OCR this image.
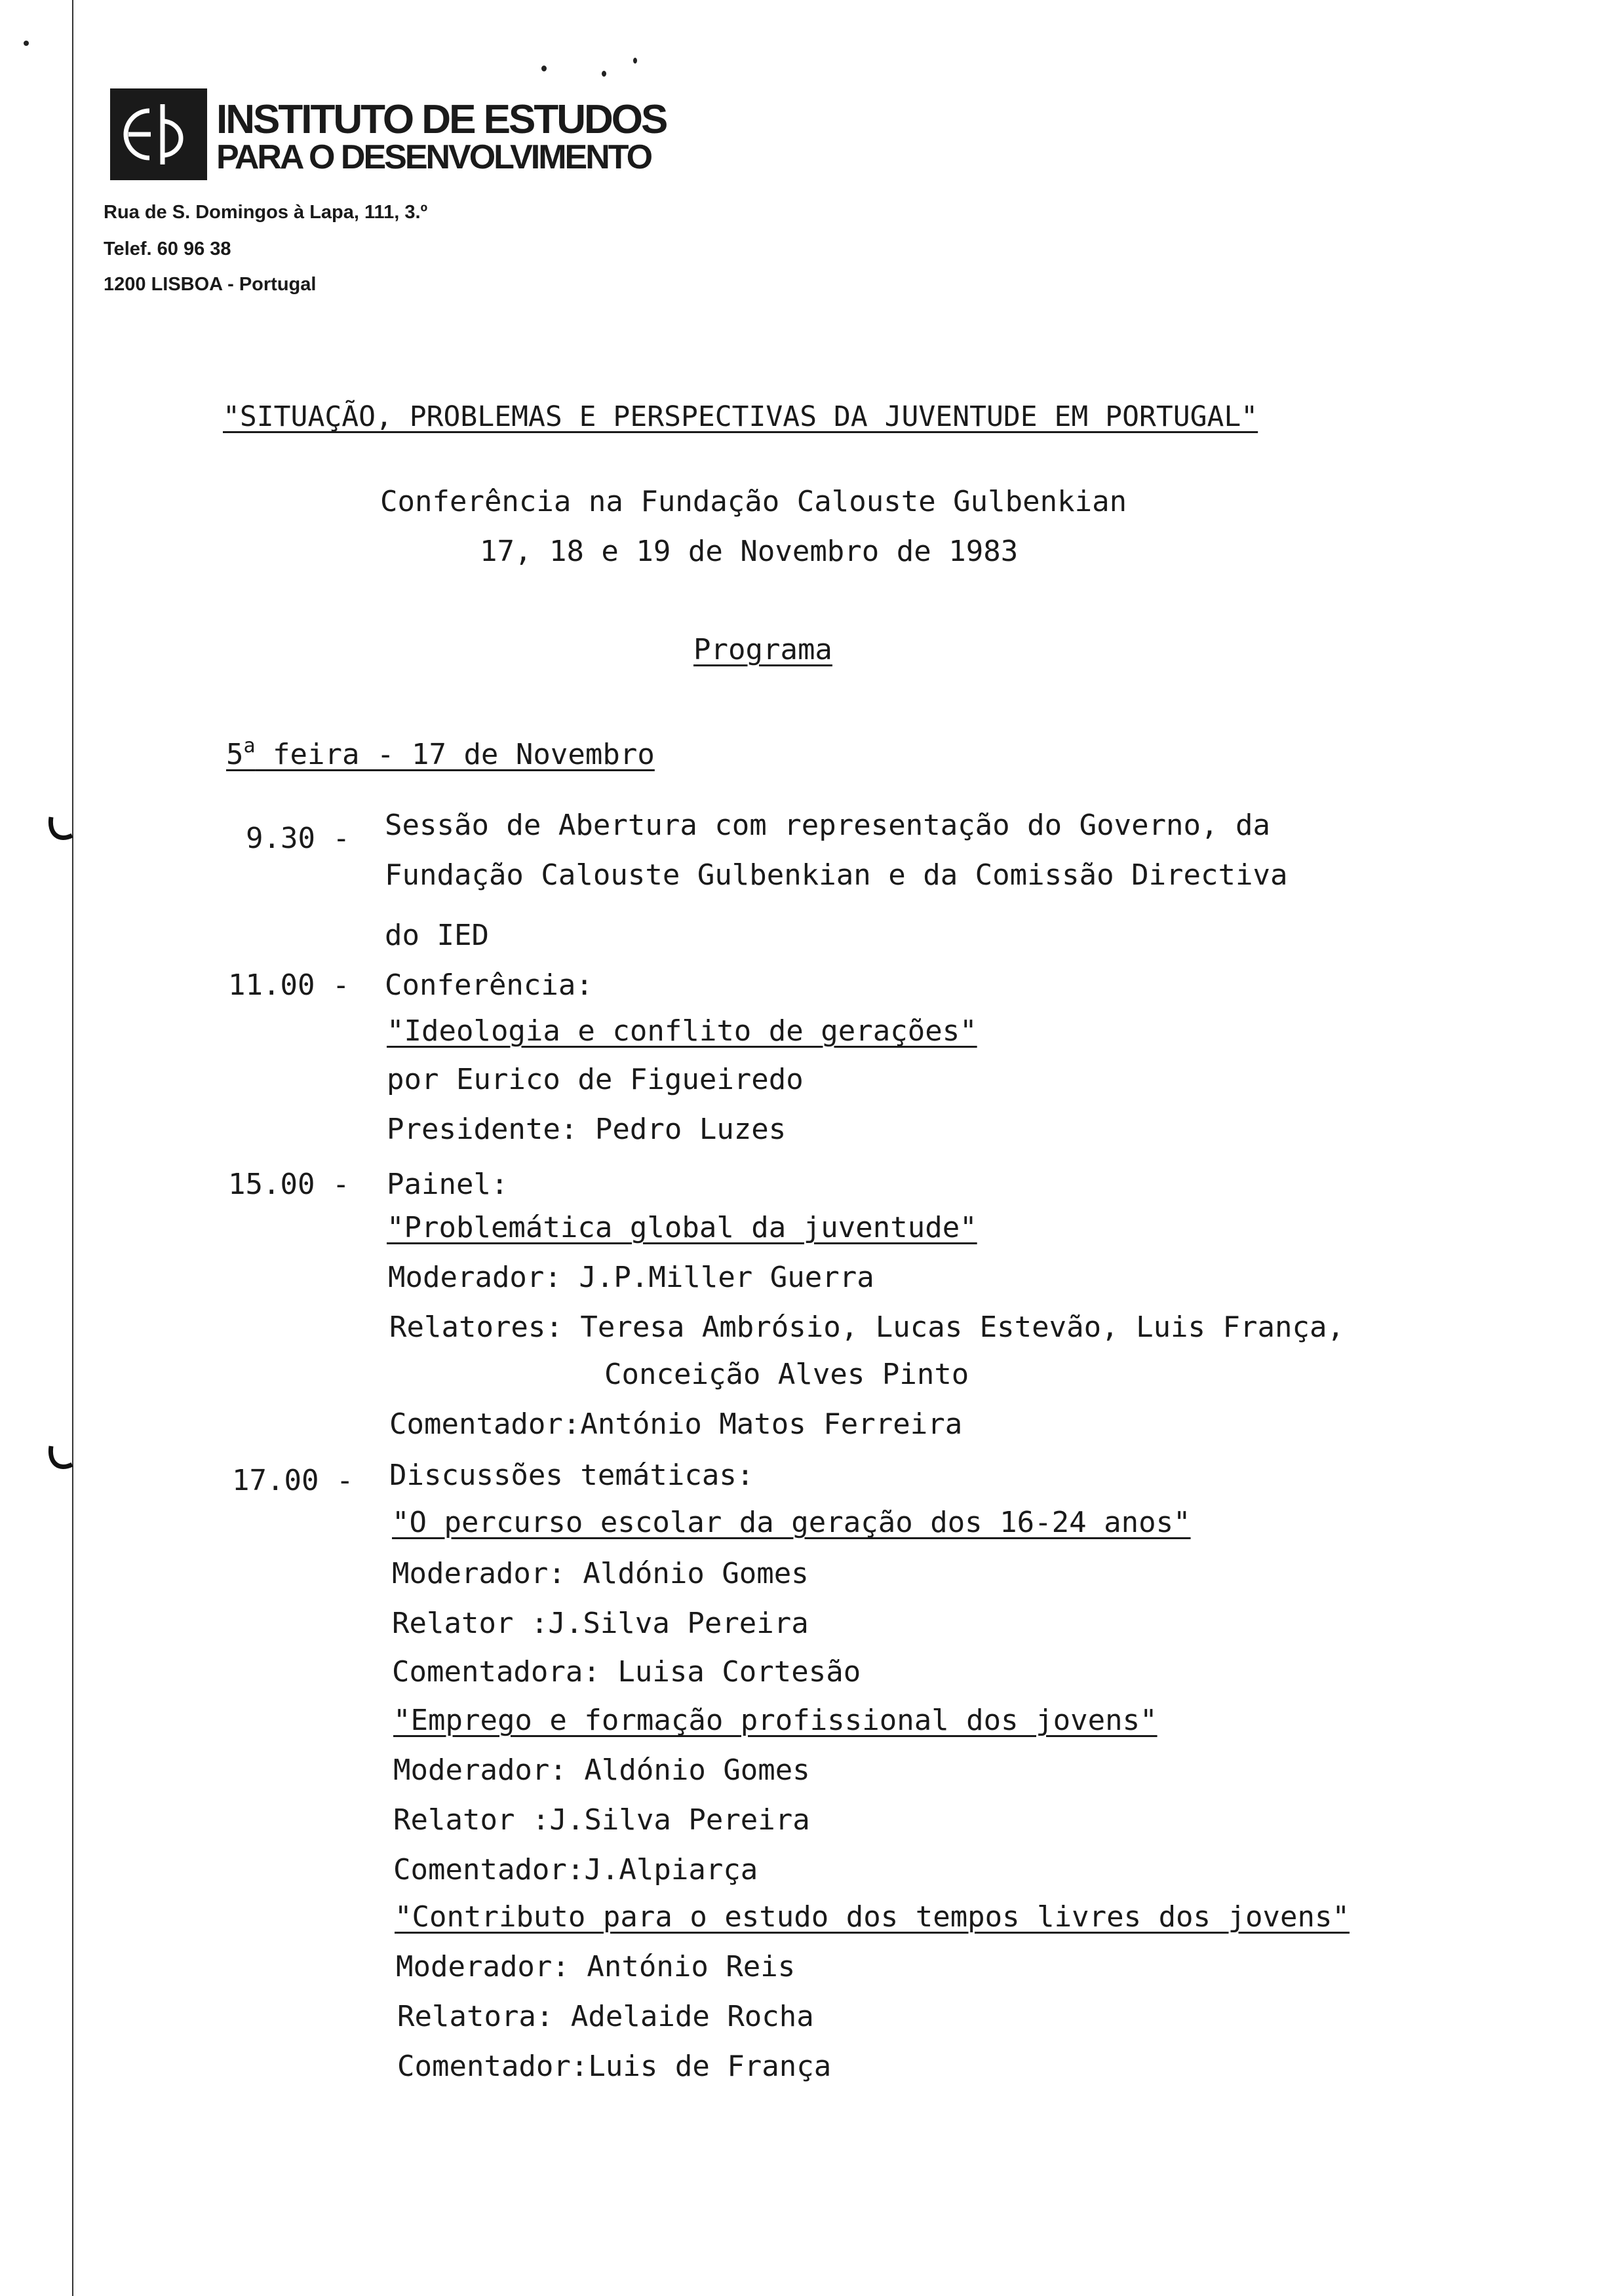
INSTITUTO DE ESTUDOS
PARA O DESENVOLVIMENTO
Rua de S. Domingos à Lapa, 111, 3.º
Telef. 60 96 38
1200 LISBOA - Portugal
"SITUAÇÃO, PROBLEMAS E PERSPECTIVAS DA JUVENTUDE EM PORTUGAL"
Conferência na Fundação Calouste Gulbenkian
17, 18 e 19 de Novembro de 1983
Programa
5$^a$ feira - 17 de Novembro
9.30 - Sessão de Abertura com representação do Governo, da
Fundação Calouste Gulbenkian e da Comissão Directiva
do IED
11.00 - Conferência:
"Ideologia e conflito de gerações"
por Eurico de Figueiredo
Presidente: Pedro Luzes
15.00 - Painel:
"Problemática global da juventude"
Moderador: J.P.Miller Guerra
Relatores: Teresa Ambrósio, Lucas Estevão, Luis França,
Conceição Alves Pinto
Comentador:António Matos Ferreira
17.00 - Discussões temáticas:
"O percurso escolar da geração dos 16-24 anos"
Moderador: Aldónio Gomes
Relator :J.Silva Pereira
Comentadora: Luisa Cortesão
"Emprego e formação profissional dos jovens"
Moderador: Aldónio Gomes
Relator :J.Silva Pereira
Comentador:J.Alpiarça
"Contributo para o estudo dos tempos livres dos jovens"
Moderador: António Reis
Relatora: Adelaide Rocha
Comentador:Luis de França
